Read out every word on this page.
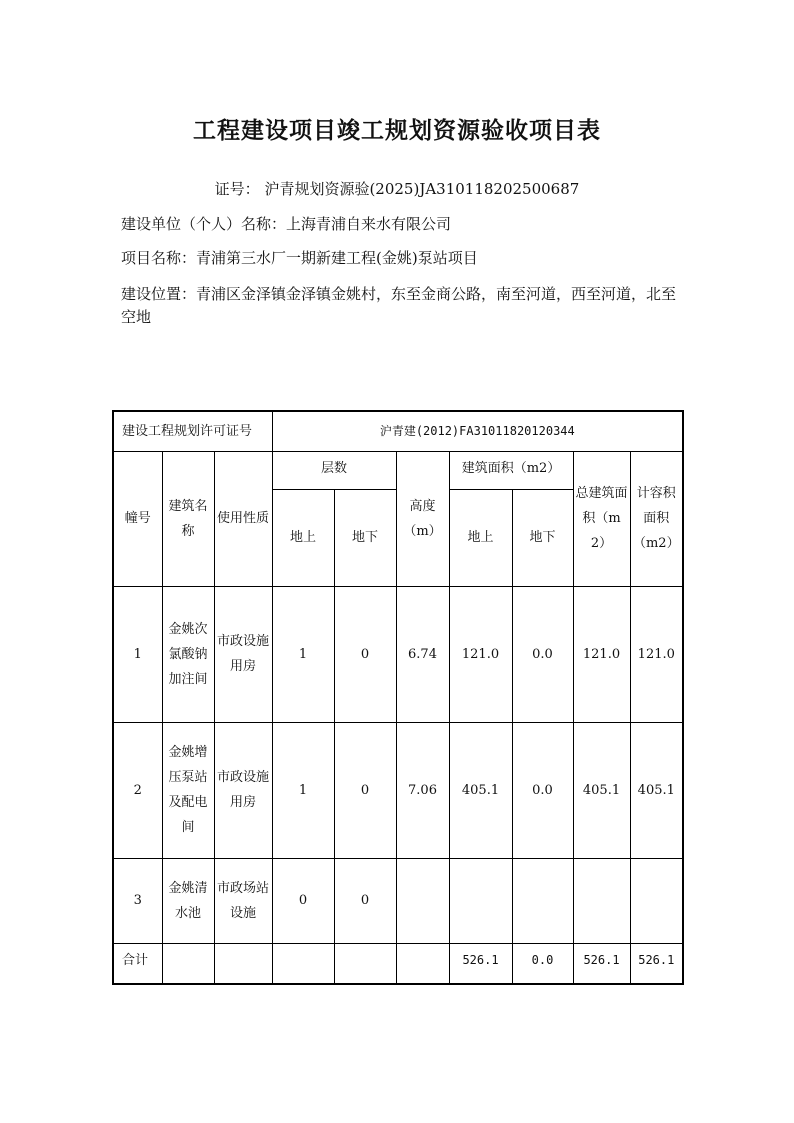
工程建设项目竣工规划资源验收项目表
证号： 沪青规划资源验(2025)JA310118202500687
建设单位（个人）名称：上海青浦自来水有限公司
项目名称：青浦第三水厂一期新建工程(金姚)泵站项目
建设位置：青浦区金泽镇金泽镇金姚村，东至金商公路，南至河道，西至河道，北至空地
建设工程规划许可证号			沪青建(2012)FA31011820120344						
幢号	建筑名称	使用性质	层数		高度（m）	建筑面积（m2）		总建筑面积（m2）	计容积面积（m2）
			地上	地下		地上	地下		
1	金姚次氯酸钠加注间	市政设施用房	1	0	6.74	121.0	0.0	121.0	121.0
2	金姚增压泵站及配电间	市政设施用房	1	0	7.06	405.1	0.0	405.1	405.1
3	金姚清水池	市政场站设施	0	0					
合计						526.1	0.0	526.1	526.1
